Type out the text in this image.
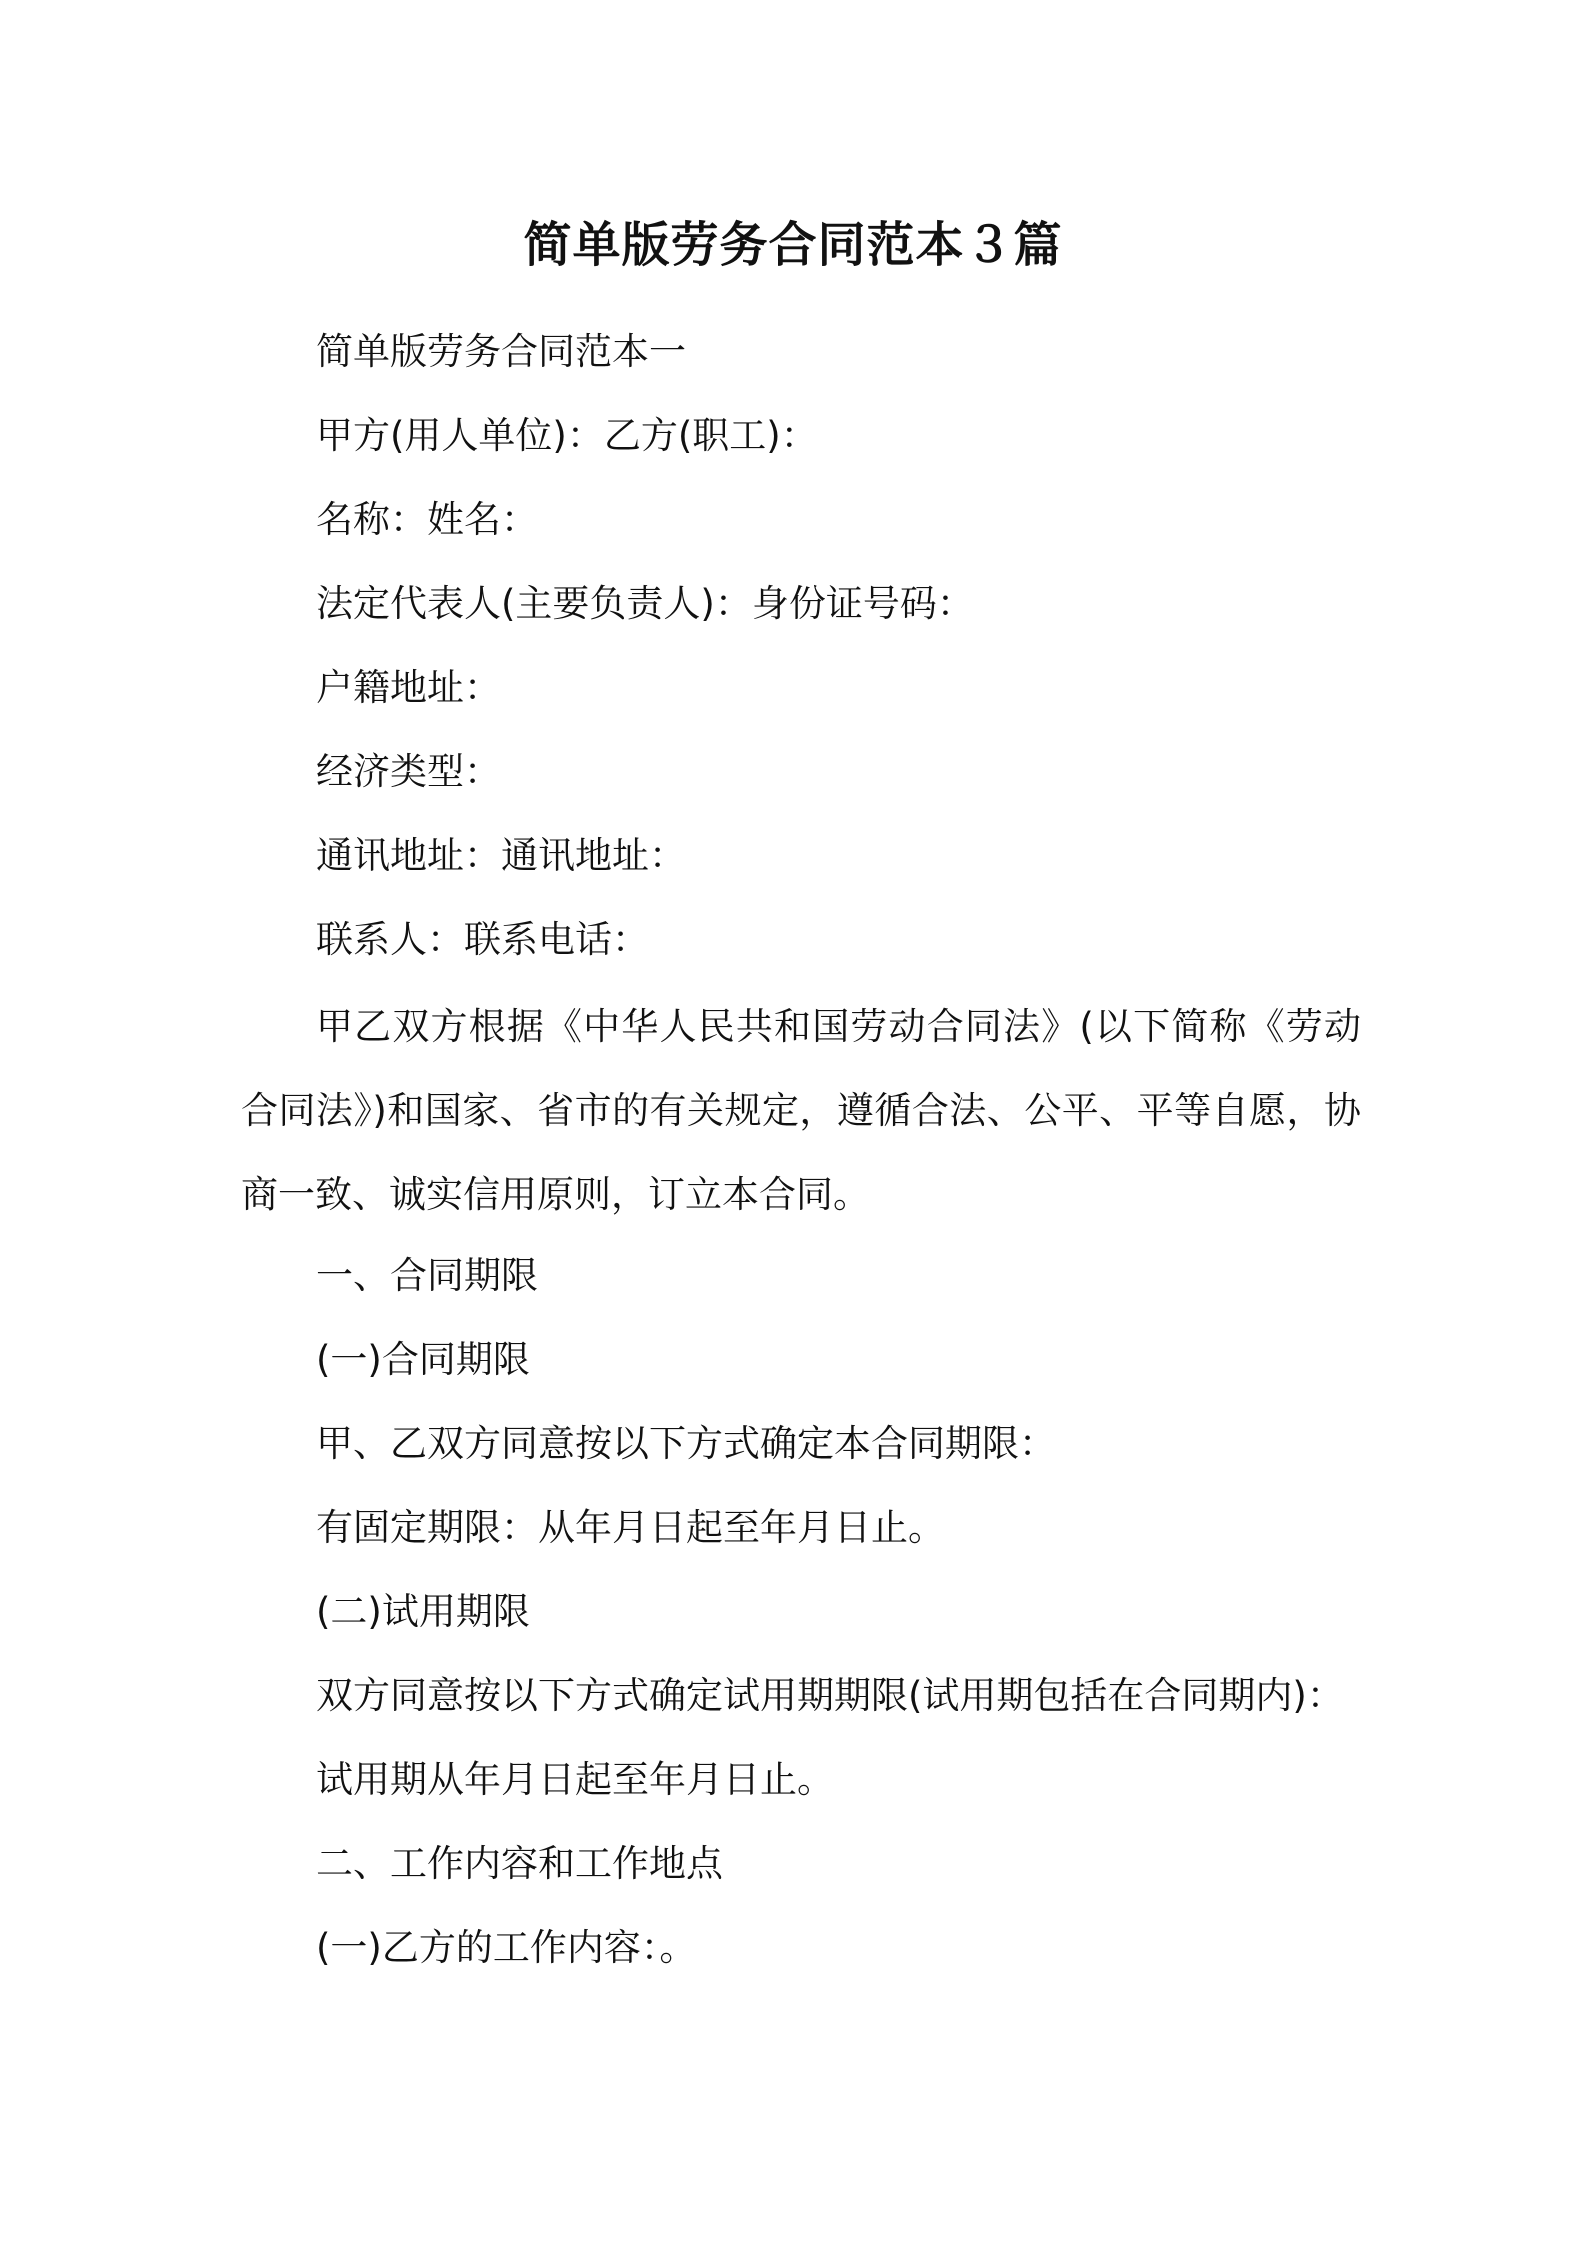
简单版劳务合同范本３篇
简单版劳务合同范本一
甲方(用人单位)：乙方(职工)：
名称：姓名：
法定代表人(主要负责人)：身份证号码：
户籍地址：
经济类型：
通讯地址：通讯地址：
联系人：联系电话：
甲乙双方根据《中华人民共和国劳动合同法》(以下简称《劳动合同法》)和国家、省市的有关规定，遵循合法、公平、平等自愿，协商一致、诚实信用原则，订立本合同。
一、合同期限
(一)合同期限
甲、乙双方同意按以下方式确定本合同期限：
有固定期限：从年月日起至年月日止。
(二)试用期限
双方同意按以下方式确定试用期期限(试用期包括在合同期内)：
试用期从年月日起至年月日止。
二、工作内容和工作地点
(一)乙方的工作内容：。
